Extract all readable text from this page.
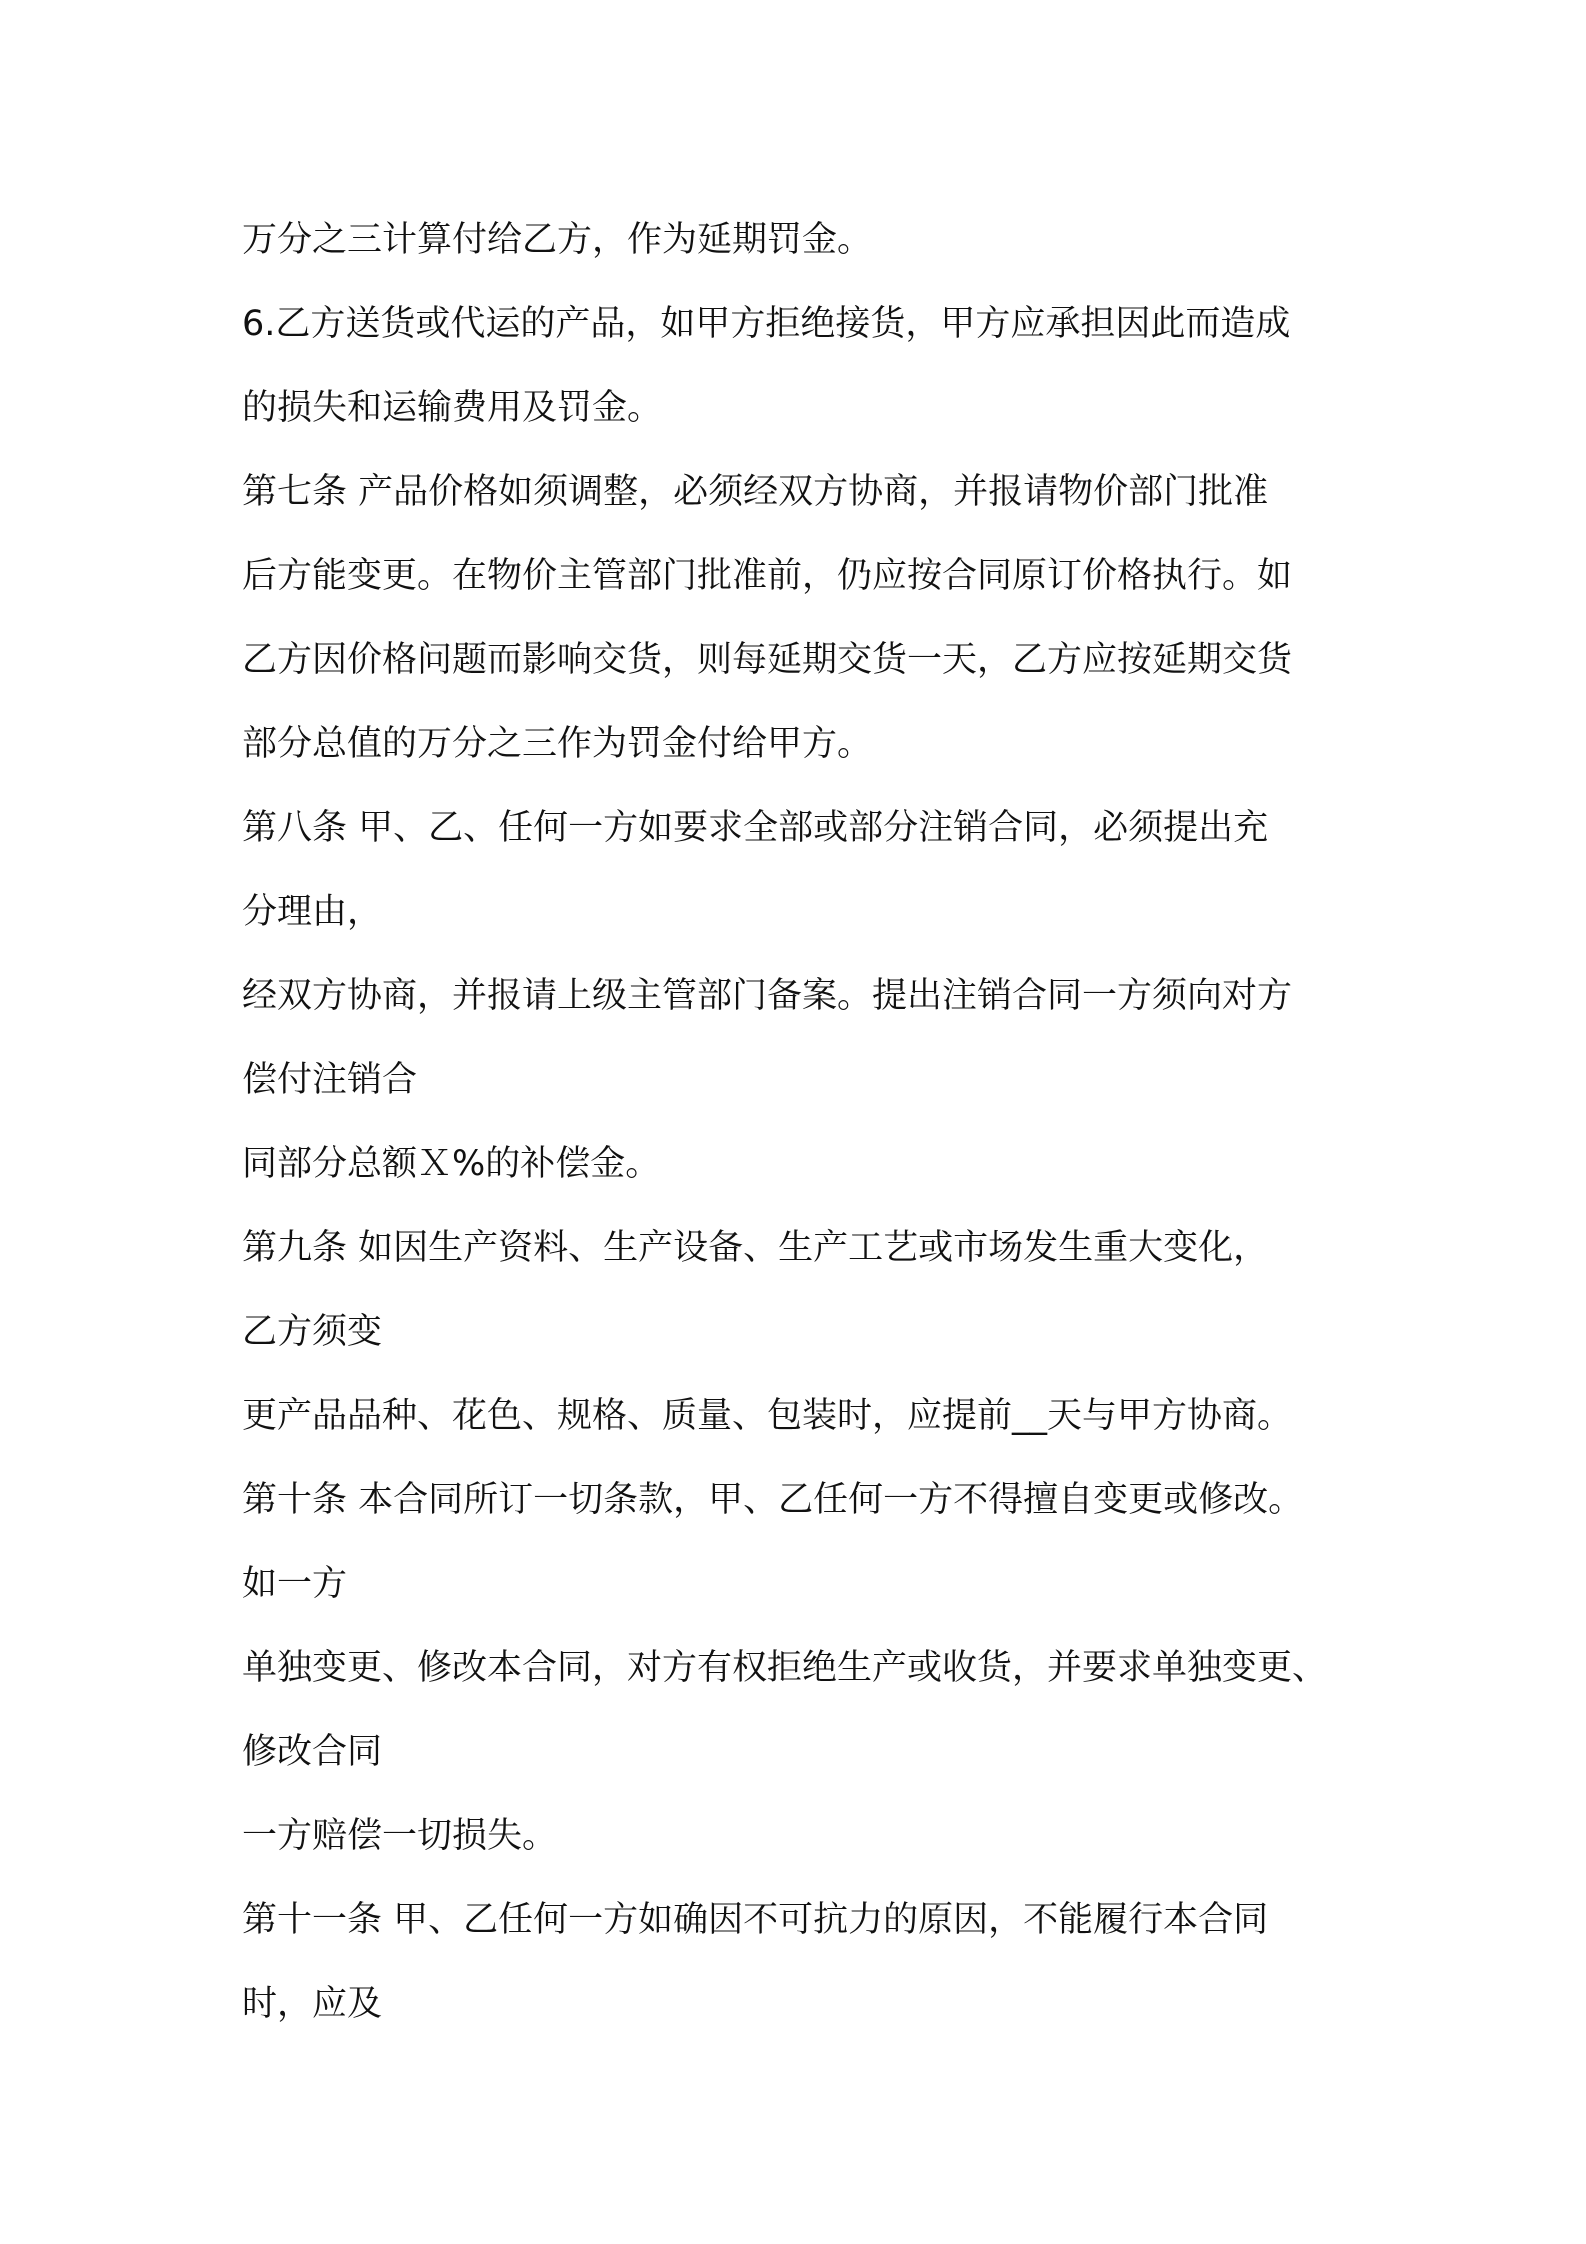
万分之三计算付给乙方，作为延期罚金。
6.乙方送货或代运的产品，如甲方拒绝接货，甲方应承担因此而造成
的损失和运输费用及罚金。
第七条 产品价格如须调整，必须经双方协商，并报请物价部门批准
后方能变更。在物价主管部门批准前，仍应按合同原订价格执行。如
乙方因价格问题而影响交货，则每延期交货一天，乙方应按延期交货
部分总值的万分之三作为罚金付给甲方。
第八条 甲、乙、任何一方如要求全部或部分注销合同，必须提出充
分理由，
经双方协商，并报请上级主管部门备案。提出注销合同一方须向对方
偿付注销合
同部分总额Ｘ%的补偿金。
第九条 如因生产资料、生产设备、生产工艺或市场发生重大变化，
乙方须变
更产品品种、花色、规格、质量、包装时，应提前__天与甲方协商。
第十条 本合同所订一切条款，甲、乙任何一方不得擅自变更或修改。
如一方
单独变更、修改本合同，对方有权拒绝生产或收货，并要求单独变更、
修改合同
一方赔偿一切损失。
第十一条 甲、乙任何一方如确因不可抗力的原因，不能履行本合同
时，应及
